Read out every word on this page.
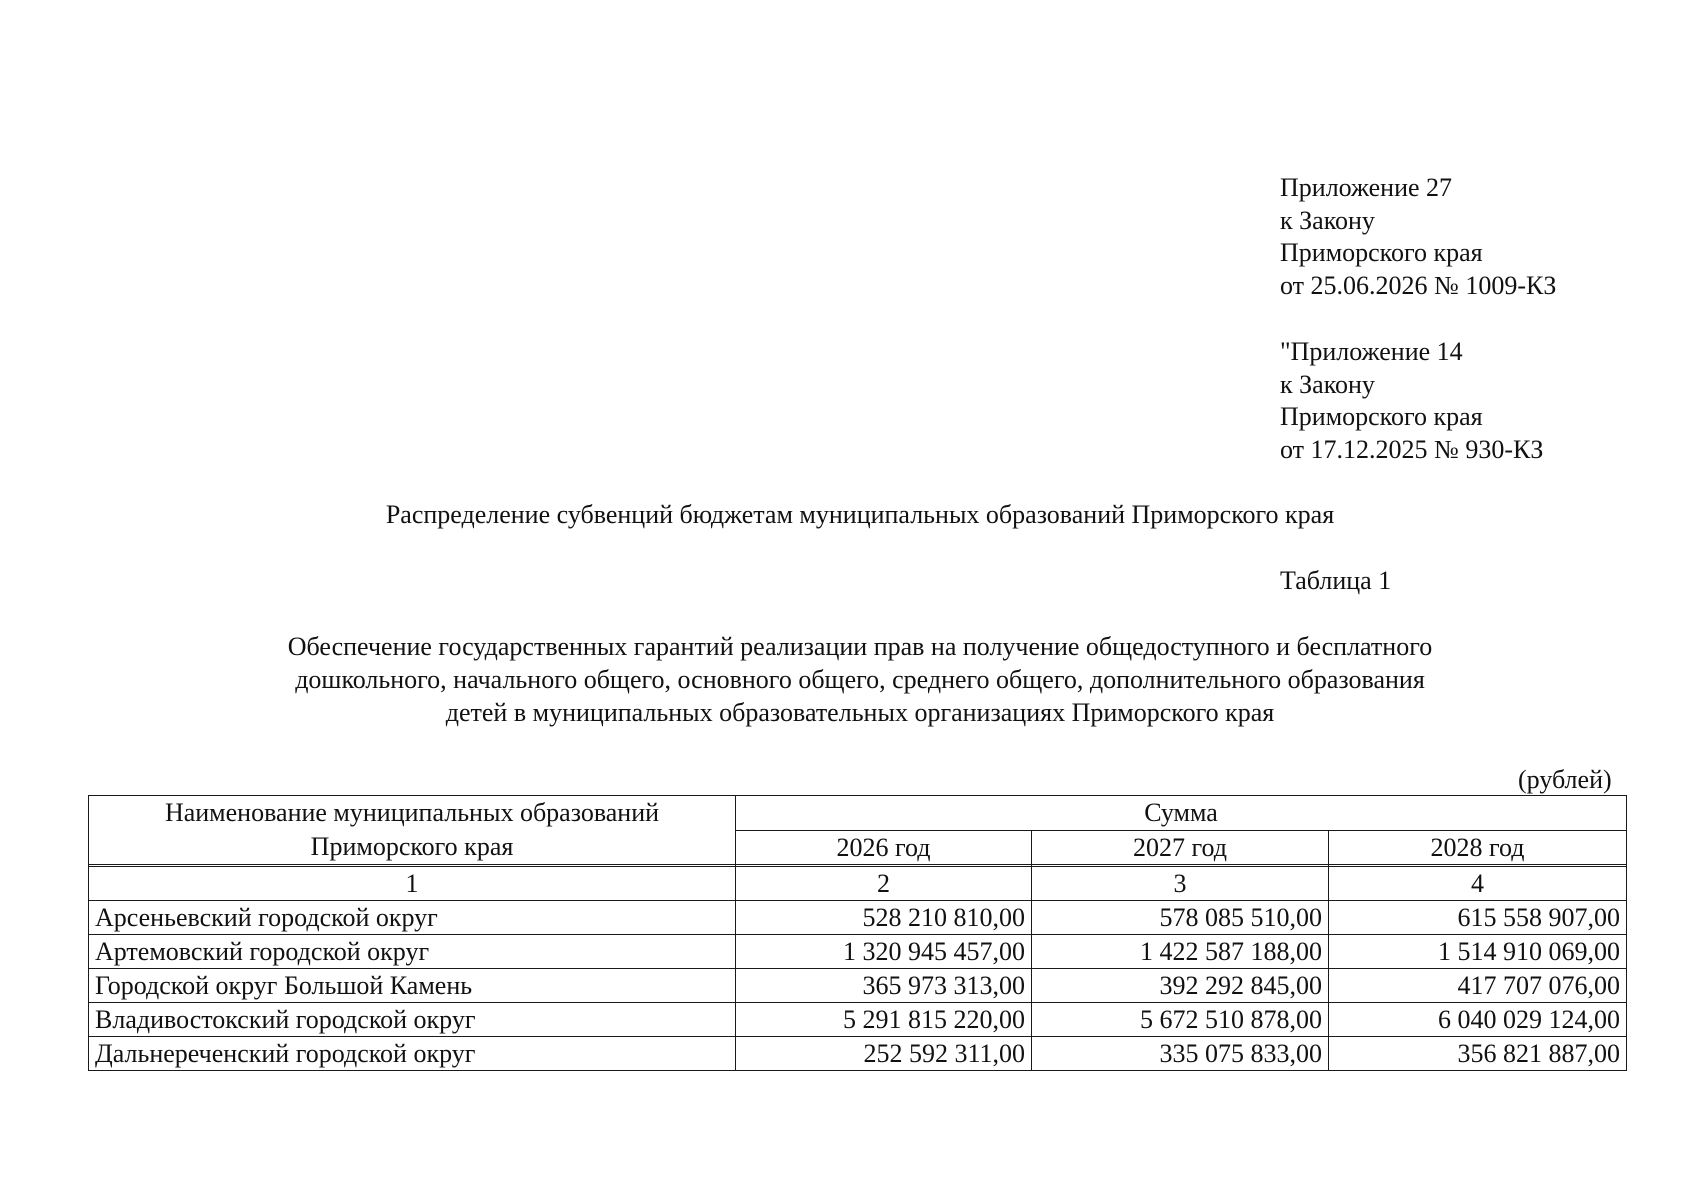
Приложение 27
к Закону
Приморского края
от 25.06.2026 № 1009-КЗ
"Приложение 14
к Закону
Приморского края
от 17.12.2025 № 930-КЗ
Распределение субвенций бюджетам муниципальных образований Приморского края
Таблица 1
Обеспечение государственных гарантий реализации прав на получение общедоступного и бесплатного
дошкольного, начального общего, основного общего, среднего общего, дополнительного образования
детей в муниципальных образовательных организациях Приморского края
(рублей)
Наименование муниципальных образований
Приморского края	Сумма		
	2026 год	2027 год	2028 год

1	2	3	4
Арсеньевский городской округ	528 210 810,00	578 085 510,00	615 558 907,00
Артемовский городской округ	1 320 945 457,00	1 422 587 188,00	1 514 910 069,00
Городской округ Большой Камень	365 973 313,00	392 292 845,00	417 707 076,00
Владивостокский городской округ	5 291 815 220,00	5 672 510 878,00	6 040 029 124,00
Дальнереченский городской округ	252 592 311,00	335 075 833,00	356 821 887,00
